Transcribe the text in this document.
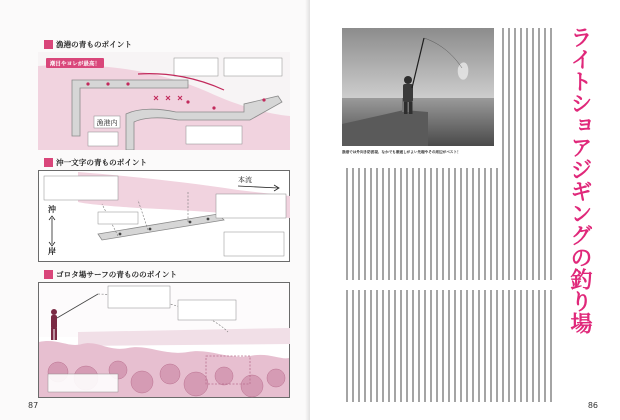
漁港の青ものポイント
漁港内
潮目やヨレが最高！
沖一文字の青ものポイント
沖
岸
本流
ゴロタ場サーフの青もののポイント
87	86
漁港では外向き防波堤、なかでも潮通しがよい先端やその周辺がベスト！	ライトショアジギングの釣り場
